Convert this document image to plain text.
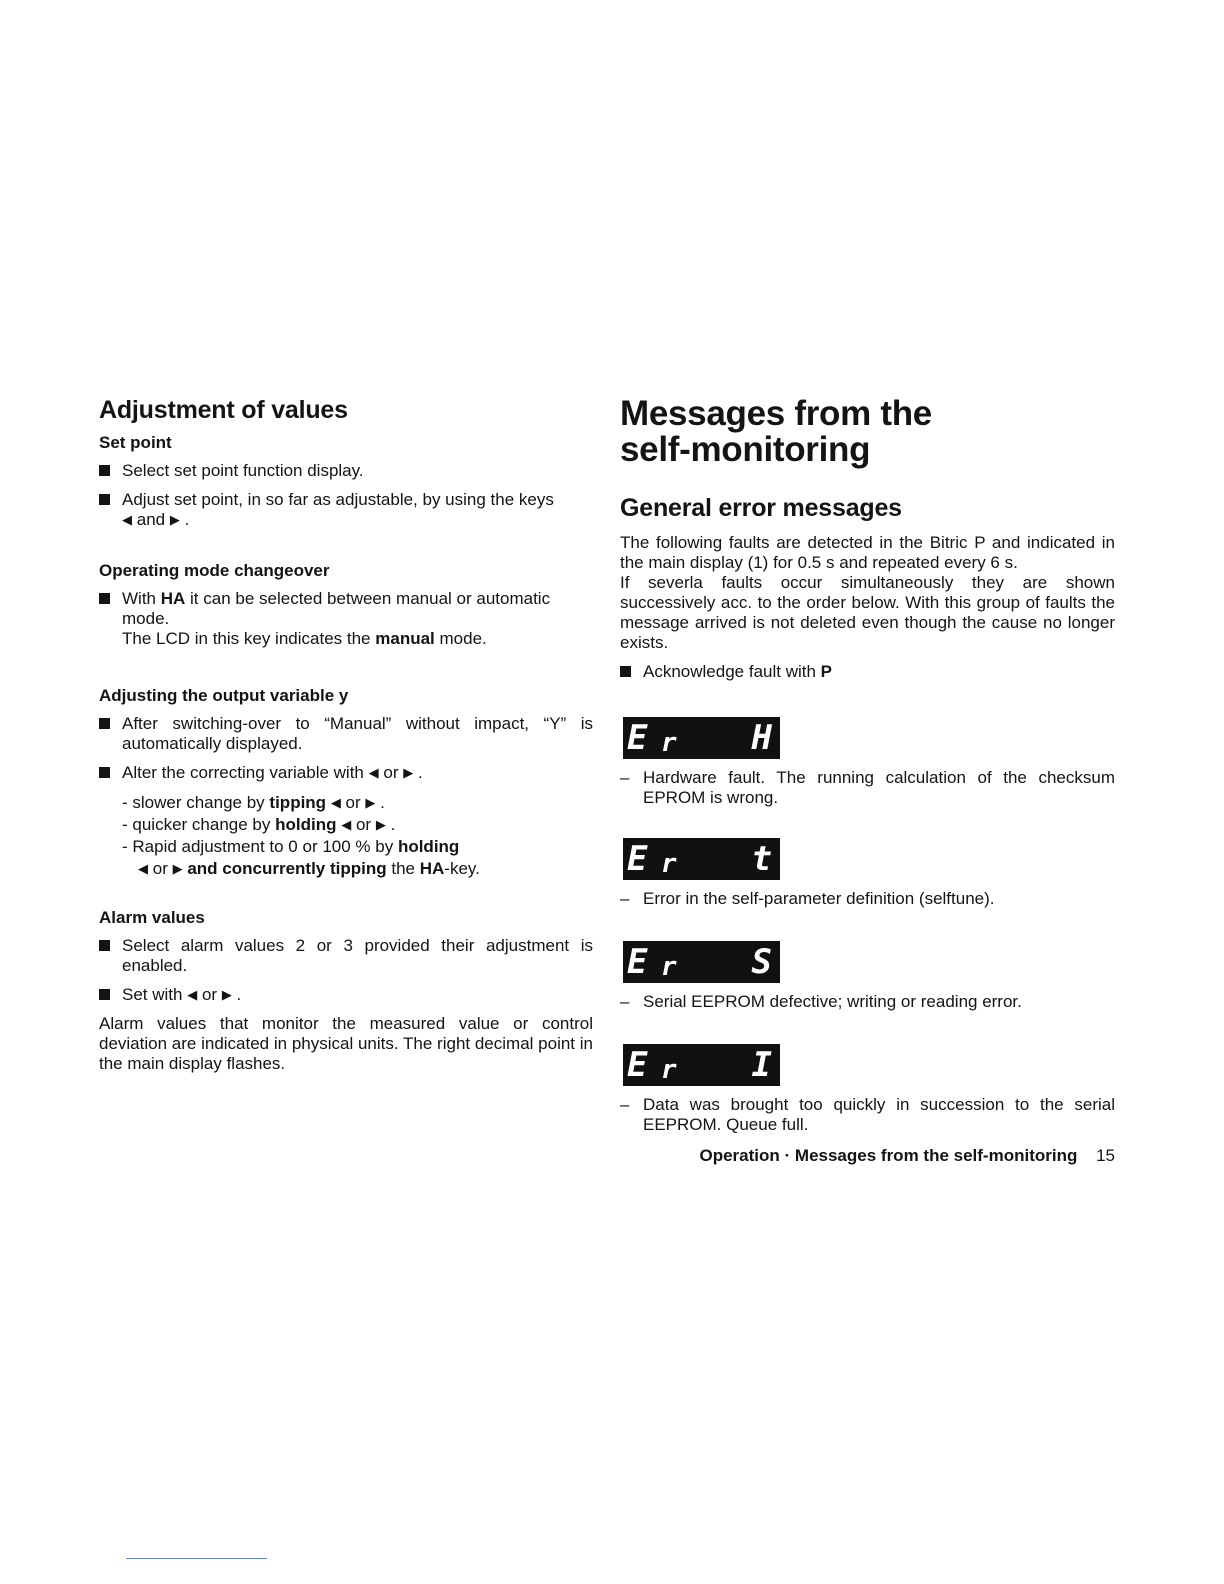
Adjustment of values
Set point
Select set point function display.
Adjust set point, in so far as adjustable, by using the keys
◀ and ▶ .
Operating mode changeover
With HA it can be selected between manual or automatic mode.
The LCD in this key indicates the manual mode.
Adjusting the output variable y
After switching-over to “Manual” without impact, “Y” is automatically displayed.
Alter the correcting variable with ◀ or ▶ .
- slower change by tipping ◀ or ▶ .
- quicker change by holding ◀ or ▶ .
- Rapid adjustment to 0 or 100 % by holding
◀ or ▶ and concurrently tipping the HA-key.
Alarm values
Select alarm values 2 or 3 provided their adjustment is enabled.
Set with ◀ or ▶ .

Alarm values that monitor the measured value or control deviation are indicated in physical units. The right decimal point in the main display flashes.

Messages from the
self-monitoring
General error messages

The following faults are detected in the Bitric P and indicated in the main display (1) for 0.5 s and repeated every 6 s.

If severla faults occur simultaneously they are shown successively acc. to the order below. With this group of faults the message arrived is not deleted even though the cause no longer exists.

Acknowledge fault with P
E r H
– Hardware fault. The running calculation of the checksum EPROM is wrong.
E r t
– Error in the self-parameter definition (selftune).
E r S
– Serial EEPROM defective; writing or reading error.
E r I
– Data was brought too quickly in succession to the serial EEPROM. Queue full.
Operation · Messages from the self-monitoring 15
